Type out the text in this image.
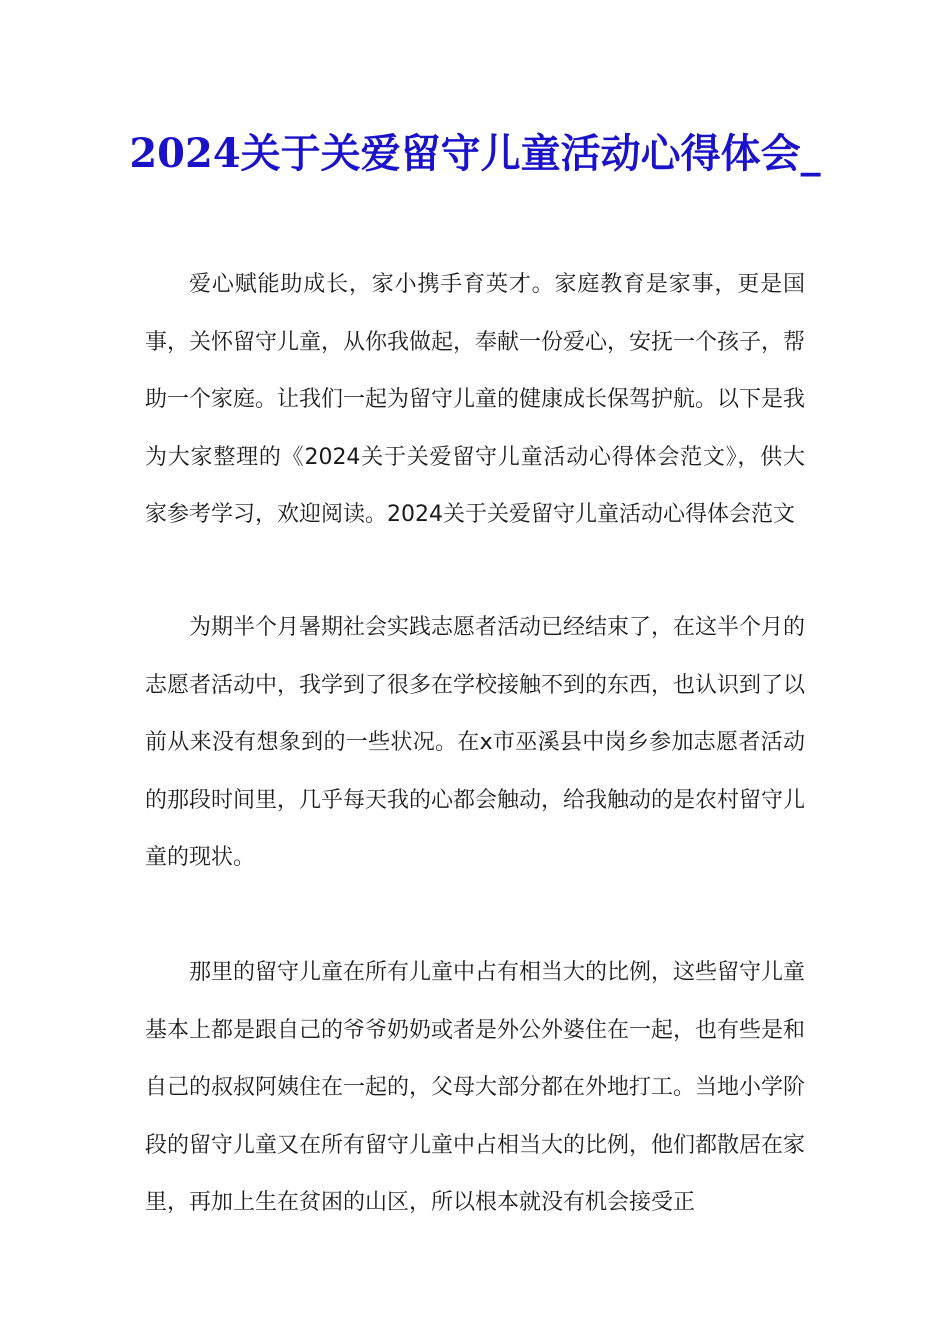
2024关于关爱留守儿童活动心得体会_

爱心赋能助成长，家小携手育英才。家庭教育是家事，更是国事，关怀留守儿童，从你我做起，奉献一份爱心，安抚一个孩子，帮助一个家庭。让我们一起为留守儿童的健康成长保驾护航。以下是我为大家整理的《2024关于关爱留守儿童活动心得体会范文》，供大家参考学习，欢迎阅读。2024关于关爱留守儿童活动心得体会范文

为期半个月暑期社会实践志愿者活动已经结束了，在这半个月的志愿者活动中，我学到了很多在学校接触不到的东西，也认识到了以前从来没有想象到的一些状况。在x市巫溪县中岗乡参加志愿者活动的那段时间里，几乎每天我的心都会触动，给我触动的是农村留守儿童的现状。

那里的留守儿童在所有儿童中占有相当大的比例，这些留守儿童基本上都是跟自己的爷爷奶奶或者是外公外婆住在一起，也有些是和自己的叔叔阿姨住在一起的，父母大部分都在外地打工。当地小学阶段的留守儿童又在所有留守儿童中占相当大的比例，他们都散居在家里，再加上生在贫困的山区，所以根本就没有机会接受正
